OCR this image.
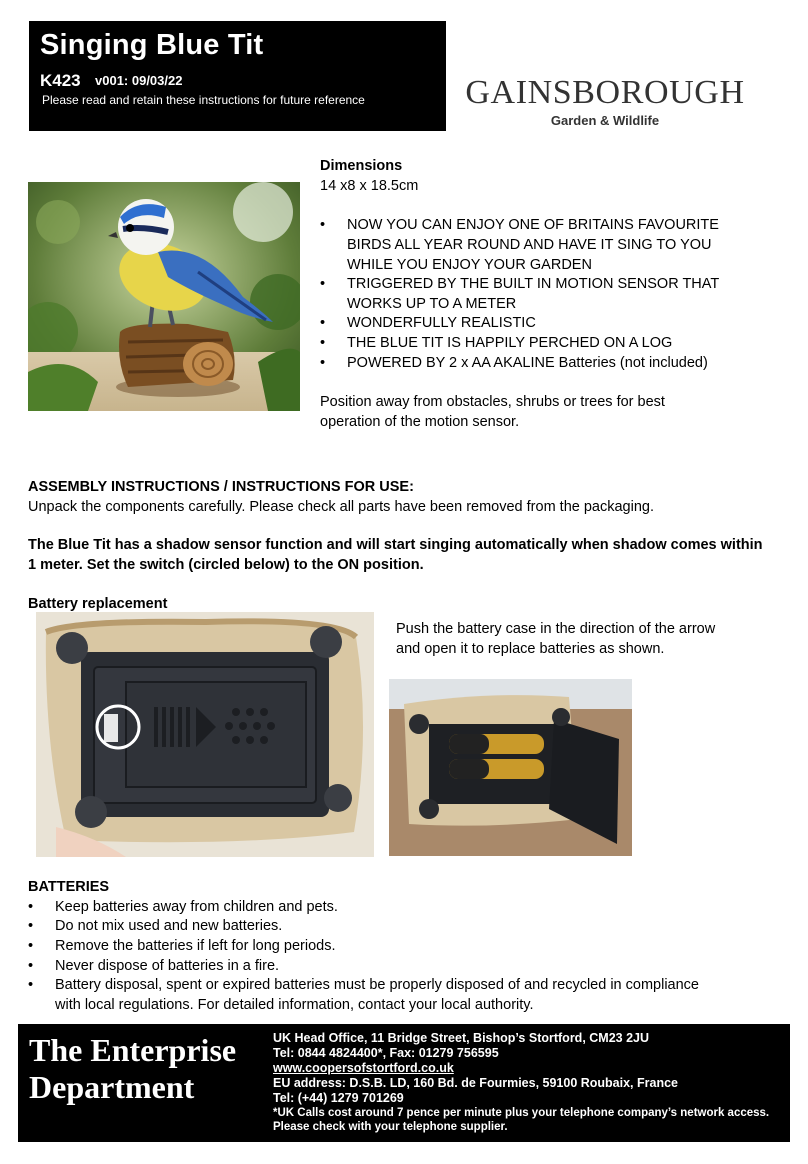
Singing Blue Tit
K423 v001: 09/03/22
Please read and retain these instructions for future reference	GAINSBOROUGH
Garden & Wildlife
Dimensions
14 x8 x 18.5cm
• NOW YOU CAN ENJOY ONE OF BRITAINS FAVOURITE
BIRDS ALL YEAR ROUND AND HAVE IT SING TO YOU
WHILE YOU ENJOY YOUR GARDEN
• TRIGGERED BY THE BUILT IN MOTION SENSOR THAT
WORKS UP TO A METER
• WONDERFULLY REALISTIC
• THE BLUE TIT IS HAPPILY PERCHED ON A LOG
• POWERED BY 2 x AA AKALINE Batteries (not included)
Position away from obstacles, shrubs or trees for best
operation of the motion sensor.
ASSEMBLY INSTRUCTIONS / INSTRUCTIONS FOR USE:
Unpack the components carefully. Please check all parts have been removed from the packaging.
The Blue Tit has a shadow sensor function and will start singing automatically when shadow comes within
1 meter. Set the switch (circled below) to the ON position.
Battery replacement
Push the battery case in the direction of the arrow
and open it to replace batteries as shown.
BATTERIES
• Keep batteries away from children and pets.
• Do not mix used and new batteries.
• Remove the batteries if left for long periods.
• Never dispose of batteries in a fire.
• Battery disposal, spent or expired batteries must be properly disposed of and recycled in compliance
with local regulations. For detailed information, contact your local authority.
The Enterprise
Department
UK Head Office, 11 Bridge Street, Bishop’s Stortford, CM23 2JU
Tel: 0844 4824400*, Fax: 01279 756595
www.coopersofstortford.co.uk
EU address: D.S.B. LD, 160 Bd. de Fourmies, 59100 Roubaix, France
Tel: (+44) 1279 701269
*UK Calls cost around 7 pence per minute plus your telephone company’s network access.
Please check with your telephone supplier.
